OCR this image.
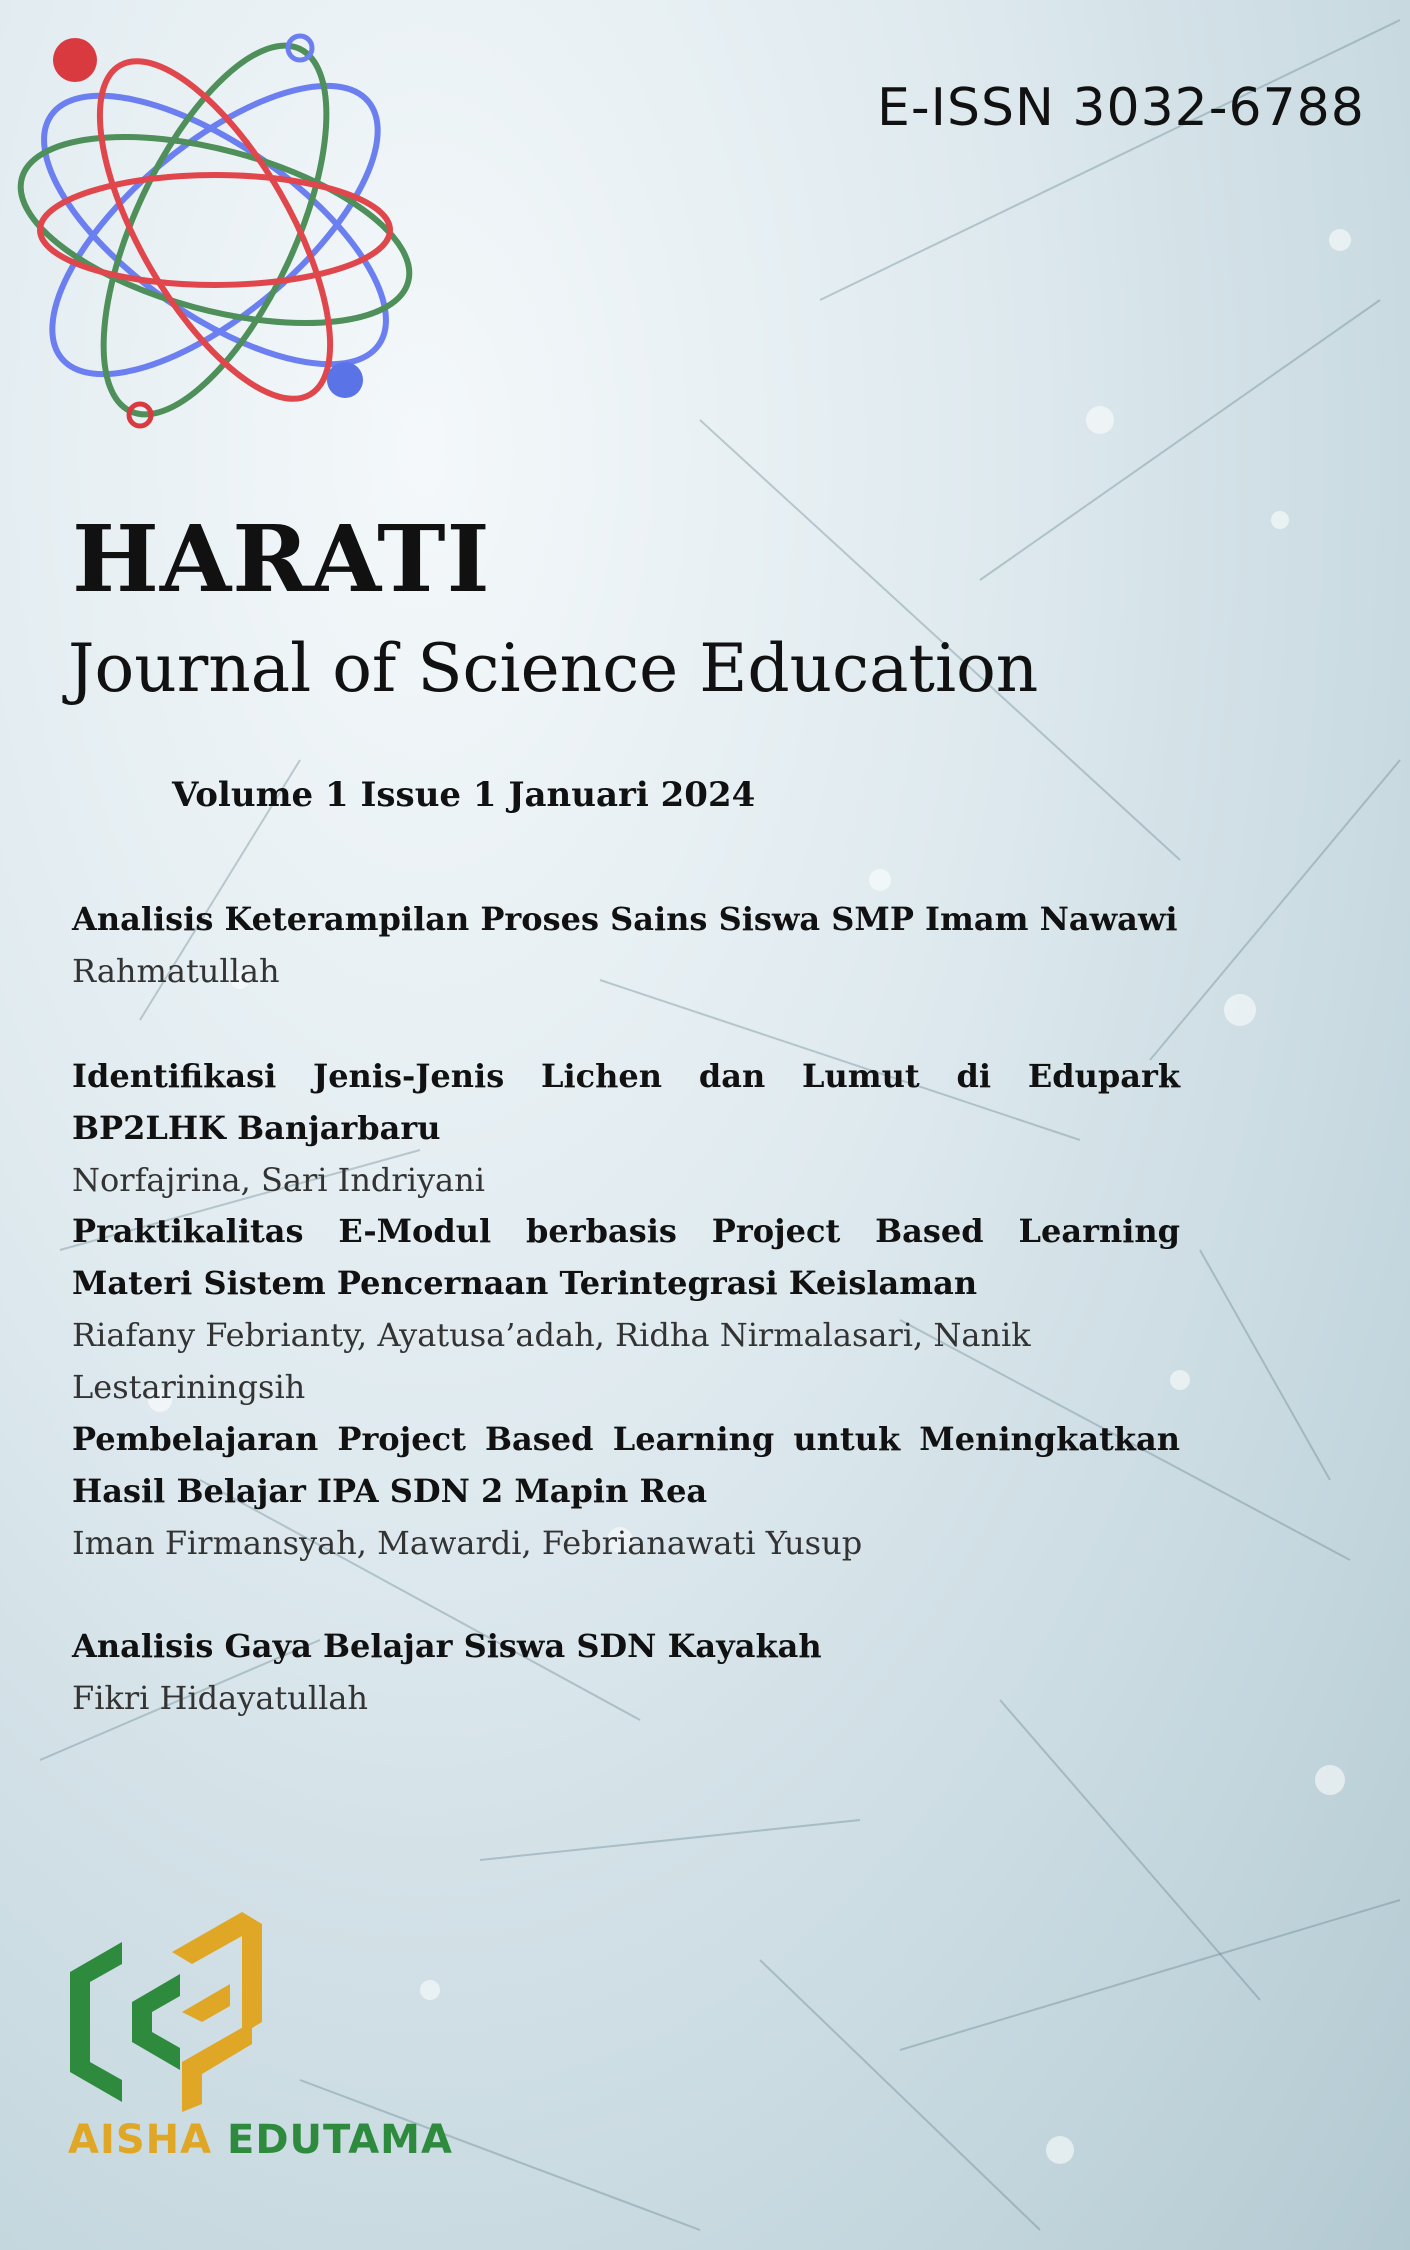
E-ISSN 3032-6788
HARATI
Journal of Science Education
Volume 1 Issue 1 Januari 2024
Analisis Keterampilan Proses Sains Siswa SMP Imam Nawawi
Rahmatullah
Identifikasi Jenis-Jenis Lichen dan Lumut di Edupark BP2LHK Banjarbaru
Norfajrina, Sari Indriyani
Praktikalitas E-Modul berbasis Project Based Learning Materi Sistem Pencernaan Terintegrasi Keislaman
Riafany Febrianty, Ayatusa’adah, Ridha Nirmalasari, Nanik Lestariningsih
Pembelajaran Project Based Learning untuk Meningkatkan Hasil Belajar IPA SDN 2 Mapin Rea
Iman Firmansyah, Mawardi, Febrianawati Yusup
Analisis Gaya Belajar Siswa SDN Kayakah
Fikri Hidayatullah
AISHA EDUTAMA
